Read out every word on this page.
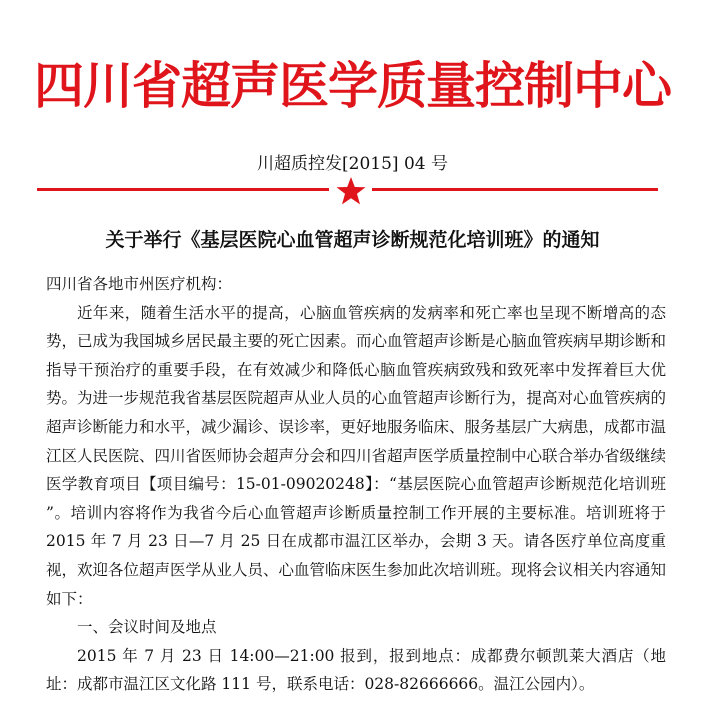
四川省超声医学质量控制中心
川超质控发[2015] 04 号
关于举行《基层医院心血管超声诊断规范化培训班》的通知

四川省各地市州医疗机构：

近年来，随着生活水平的提高，心脑血管疾病的发病率和死亡率也呈现不断增高的态势，已成为我国城乡居民最主要的死亡因素。而心血管超声诊断是心脑血管疾病早期诊断和指导干预治疗的重要手段，在有效减少和降低心脑血管疾病致残和致死率中发挥着巨大优势。为进一步规范我省基层医院超声从业人员的心血管超声诊断行为，提高对心血管疾病的超声诊断能力和水平，减少漏诊、误诊率，更好地服务临床、服务基层广大病患，成都市温江区人民医院、四川省医师协会超声分会和四川省超声医学质量控制中心联合举办省级继续医学教育项目【项目编号：15-01-09020248】：“基层医院心血管超声诊断规范化培训班 ”。培训内容将作为我省今后心血管超声诊断质量控制工作开展的主要标准。培训班将于 2015 年 7 月 23 日—7 月 25 日在成都市温江区举办，会期 3 天。请各医疗单位高度重视，欢迎各位超声医学从业人员、心血管临床医生参加此次培训班。现将会议相关内容通知如下：

一、会议时间及地点

2015 年 7 月 23 日 14:00—21:00 报到，报到地点：成都费尔顿凯莱大酒店（地址：成都市温江区文化路 111 号，联系电话：028-82666666。温江公园内）。
